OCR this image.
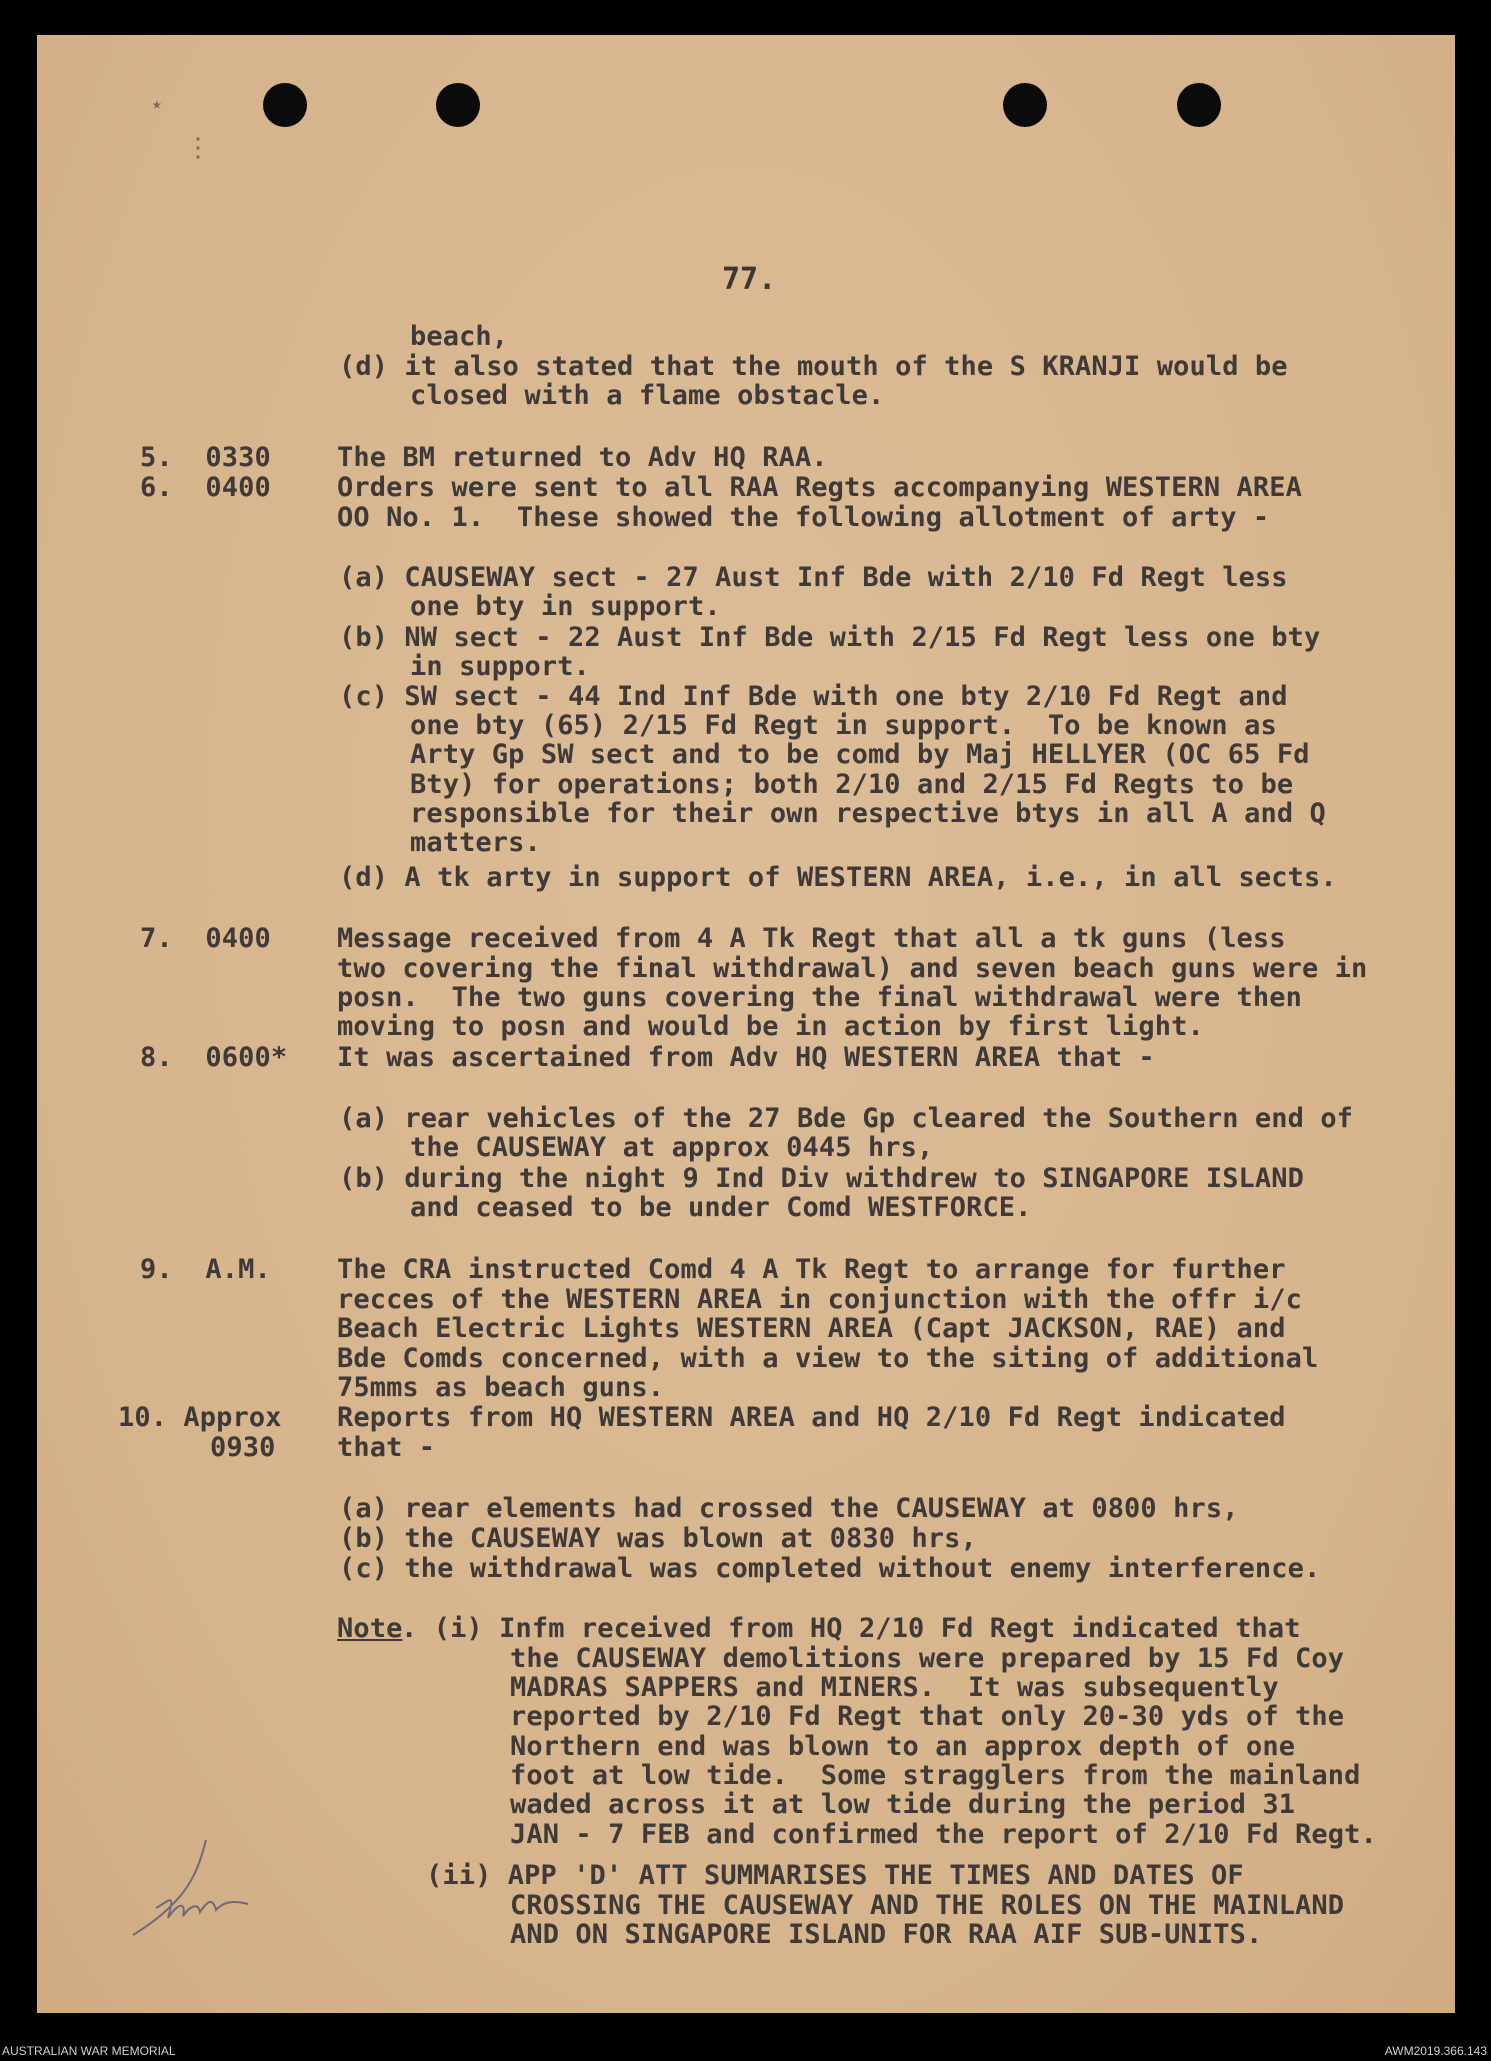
⋆
⋮
77.
beach,
(d) it also stated that the mouth of the S KRANJI would be
closed with a flame obstacle.
5.  0330 The BM returned to Adv HQ RAA.
6.  0400 Orders were sent to all RAA Regts accompanying WESTERN AREA
OO No. 1.  These showed the following allotment of arty -
(a) CAUSEWAY sect - 27 Aust Inf Bde with 2/10 Fd Regt less
one bty in support.
(b) NW sect - 22 Aust Inf Bde with 2/15 Fd Regt less one bty
in support.
(c) SW sect - 44 Ind Inf Bde with one bty 2/10 Fd Regt and
one bty (65) 2/15 Fd Regt in support.  To be known as
Arty Gp SW sect and to be comd by Maj HELLYER (OC 65 Fd
Bty) for operations; both 2/10 and 2/15 Fd Regts to be
responsible for their own respective btys in all A and Q
matters.
(d) A tk arty in support of WESTERN AREA, i.e., in all sects.
7.  0400 Message received from 4 A Tk Regt that all a tk guns (less
two covering the final withdrawal) and seven beach guns were in
posn.  The two guns covering the final withdrawal were then
moving to posn and would be in action by first light.
8.  0600* It was ascertained from Adv HQ WESTERN AREA that -
(a) rear vehicles of the 27 Bde Gp cleared the Southern end of
the CAUSEWAY at approx 0445 hrs,
(b) during the night 9 Ind Div withdrew to SINGAPORE ISLAND
and ceased to be under Comd WESTFORCE.
9.  A.M. The CRA instructed Comd 4 A Tk Regt to arrange for further
recces of the WESTERN AREA in conjunction with the offr i/c
Beach Electric Lights WESTERN AREA (Capt JACKSON, RAE) and
Bde Comds concerned, with a view to the siting of additional
75mms as beach guns.
10. Approx Reports from HQ WESTERN AREA and HQ 2/10 Fd Regt indicated
0930 that -
(a) rear elements had crossed the CAUSEWAY at 0800 hrs,
(b) the CAUSEWAY was blown at 0830 hrs,
(c) the withdrawal was completed without enemy interference.
Note
. (i) Infm received from HQ 2/10 Fd Regt indicated that
the CAUSEWAY demolitions were prepared by 15 Fd Coy
MADRAS SAPPERS and MINERS.  It was subsequently
reported by 2/10 Fd Regt that only 20-30 yds of the
Northern end was blown to an approx depth of one
foot at low tide.  Some stragglers from the mainland
waded across it at low tide during the period 31
JAN - 7 FEB and confirmed the report of 2/10 Fd Regt.
(ii) APP 'D' ATT SUMMARISES THE TIMES AND DATES OF
CROSSING THE CAUSEWAY AND THE ROLES ON THE MAINLAND
AND ON SINGAPORE ISLAND FOR RAA AIF SUB-UNITS.
AUSTRALIAN WAR MEMORIAL	AWM2019.366.143
